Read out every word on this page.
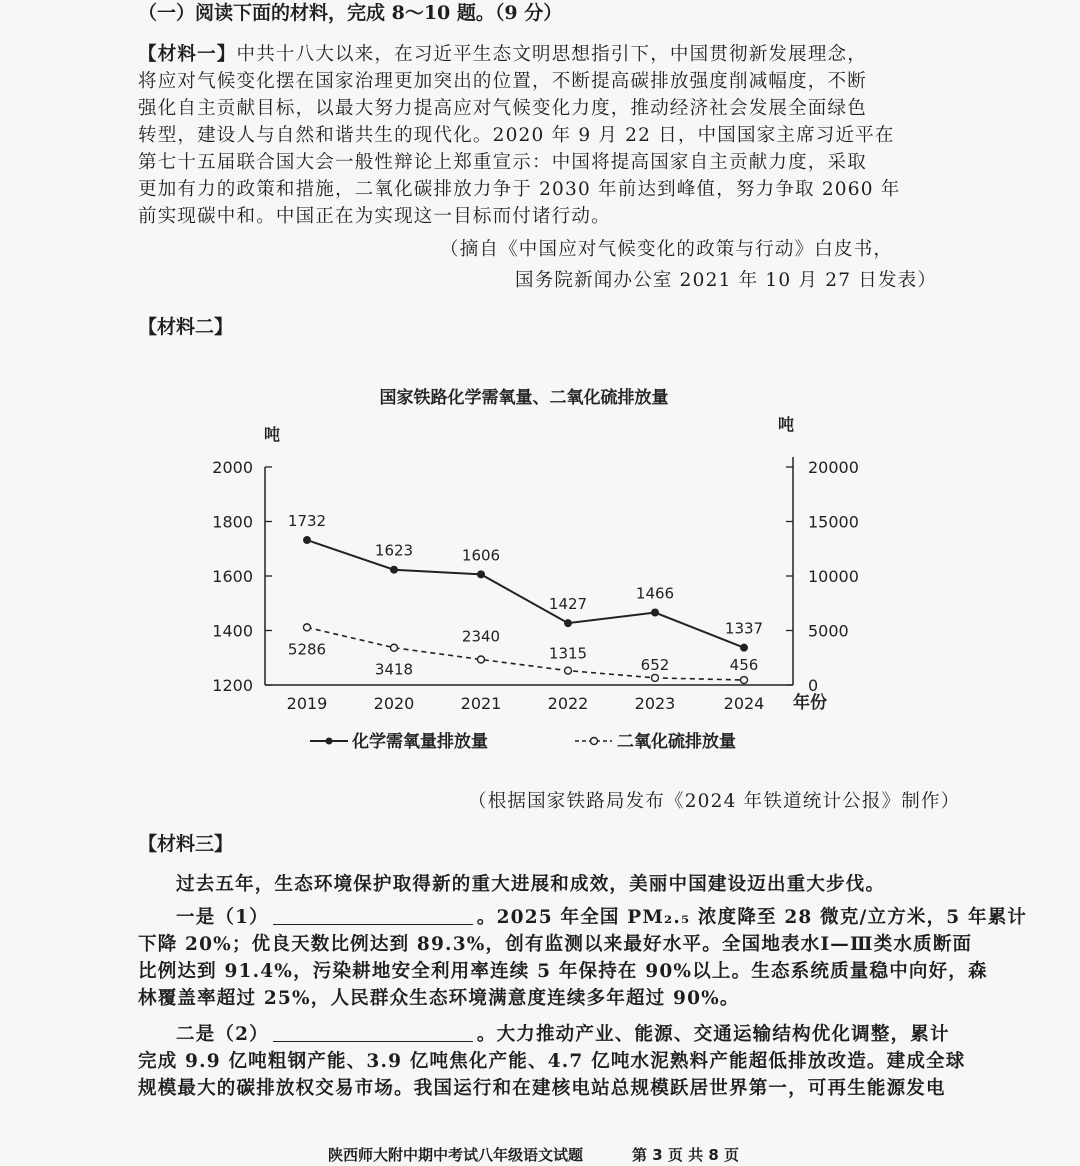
（一）阅读下面的材料，完成 8～10 题。（9 分）
【材料一】中共十八大以来，在习近平生态文明思想指引下，中国贯彻新发展理念，
将应对气候变化摆在国家治理更加突出的位置，不断提高碳排放强度削减幅度，不断
强化自主贡献目标，以最大努力提高应对气候变化力度，推动经济社会发展全面绿色
转型，建设人与自然和谐共生的现代化。2020 年 9 月 22 日，中国国家主席习近平在
第七十五届联合国大会一般性辩论上郑重宣示：中国将提高国家自主贡献力度，采取
更加有力的政策和措施，二氧化碳排放力争于 2030 年前达到峰值，努力争取 2060 年
前实现碳中和。中国正在为实现这一目标而付诸行动。
（摘自《中国应对气候变化的政策与行动》白皮书，
国务院新闻办公室 2021 年 10 月 27 日发表）
【材料二】
国家铁路化学需氧量、二氧化硫排放量
吨
吨
年份
1200
1400
1600
1800
2000
0
5000
10000
15000
20000
2019	2020	2021	2022	2023	2024
1732
1623	1606
1427
1466
1337
5286
3418
2340
1315
652	456
化学需氧量排放量	二氧化硫排放量
（根据国家铁路局发布《2024 年铁道统计公报》制作）
【材料三】
过去五年，生态环境保护取得新的重大进展和成效，美丽中国建设迈出重大步伐。
一是（1）	。2025 年全国 PM₂.₅ 浓度降至 28 微克/立方米，5 年累计
下降 20%；优良天数比例达到 89.3%，创有监测以来最好水平。全国地表水Ⅰ—Ⅲ类水质断面
比例达到 91.4%，污染耕地安全利用率连续 5 年保持在 90%以上。生态系统质量稳中向好，森
林覆盖率超过 25%，人民群众生态环境满意度连续多年超过 90%。
二是（2）	。大力推动产业、能源、交通运输结构优化调整，累计
完成 9.9 亿吨粗钢产能、3.9 亿吨焦化产能、4.7 亿吨水泥熟料产能超低排放改造。建成全球
规模最大的碳排放权交易市场。我国运行和在建核电站总规模跃居世界第一，可再生能源发电
陕西师大附中期中考试八年级语文试题	第 3 页 共 8 页
